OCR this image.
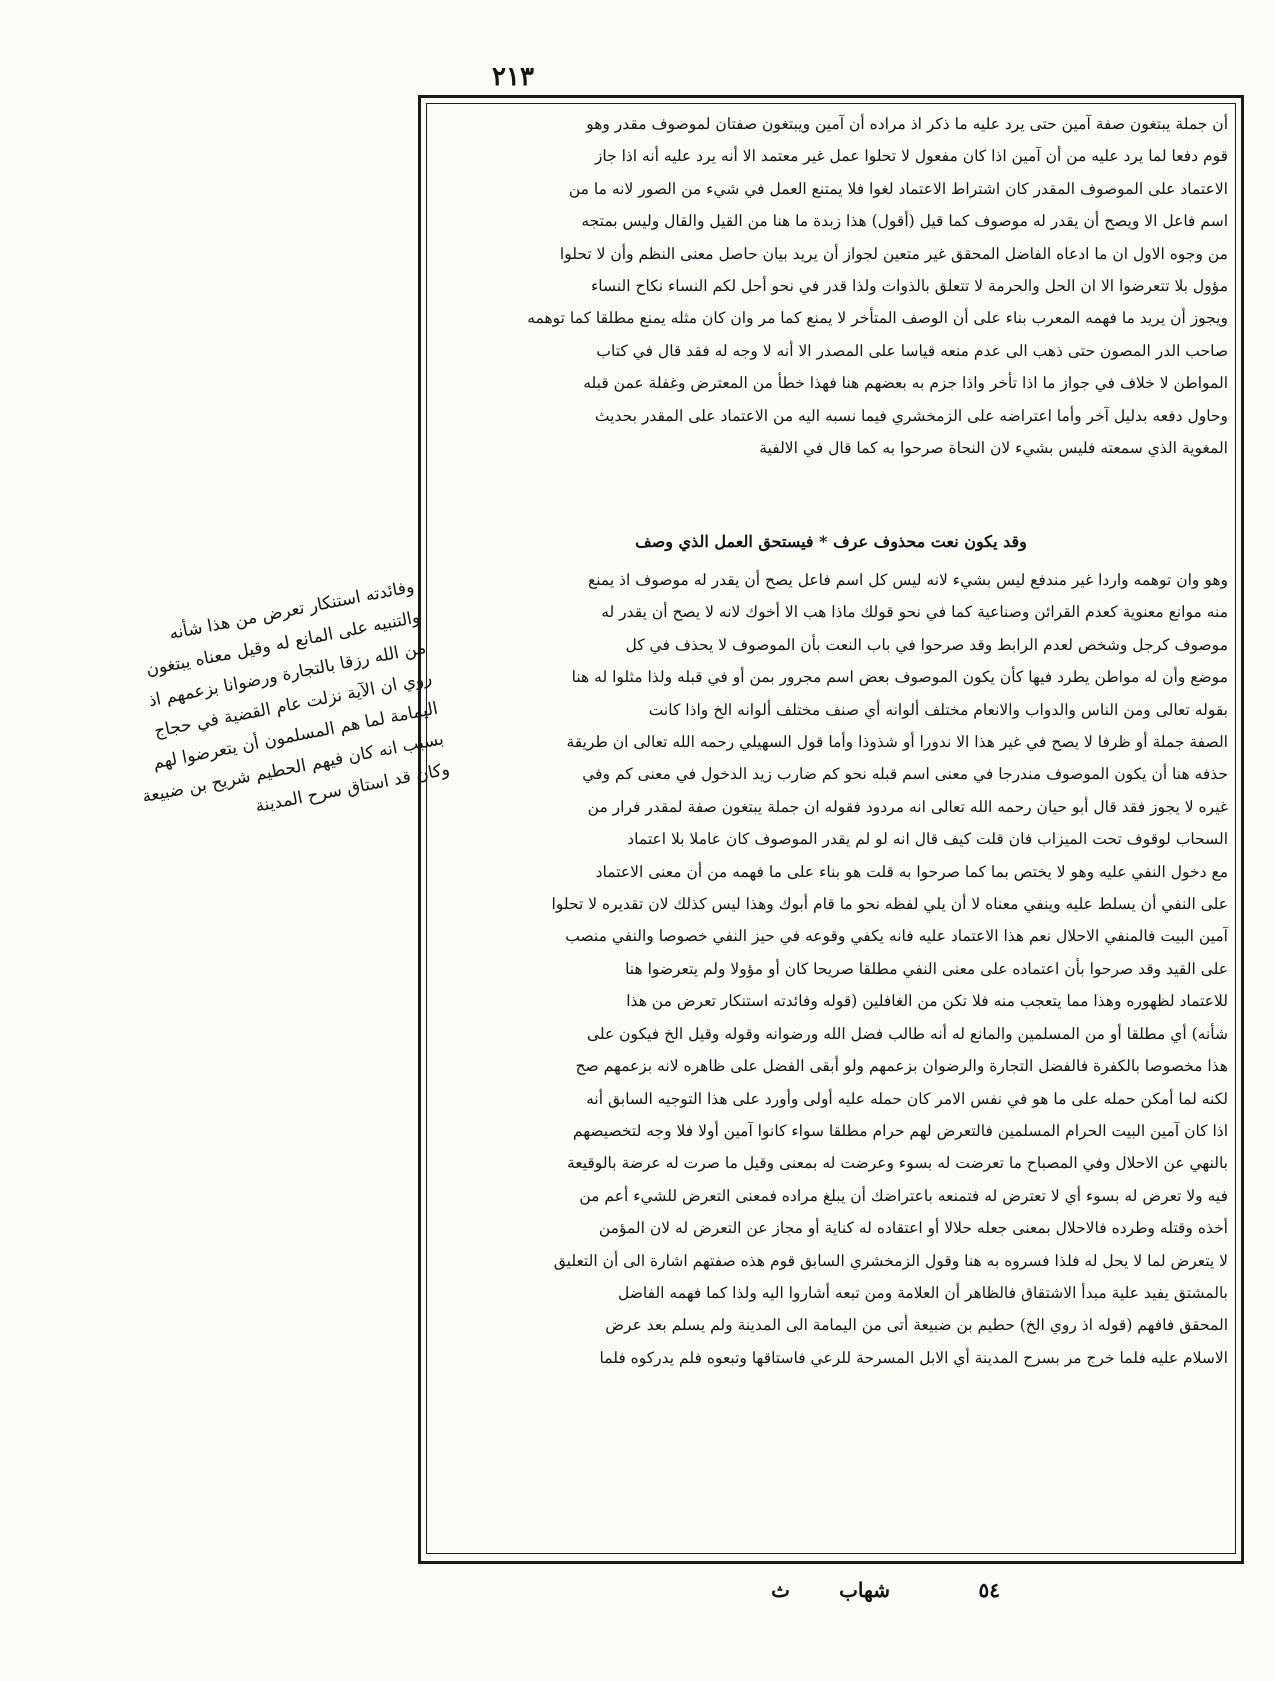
٢١٣
أن جملة يبتغون صفة آمين حتى يرد عليه ما ذكر اذ مراده أن آمين ويبتغون صفتان لموصوف مقدر وهو
قوم دفعا لما يرد عليه من أن آمين اذا كان مفعول لا تحلوا عمل غير معتمد الا أنه يرد عليه أنه اذا جاز
الاعتماد على الموصوف المقدر كان اشتراط الاعتماد لغوا فلا يمتنع العمل في شيء من الصور لانه ما من
اسم فاعل الا ويصح أن يقدر له موصوف كما قيل (أقول) هذا زبدة ما هنا من القيل والقال وليس بمتجه
من وجوه الاول ان ما ادعاه الفاضل المحقق غير متعين لجواز أن يريد بيان حاصل معنى النظم وأن لا تحلوا
مؤول بلا تتعرضوا الا ان الحل والحرمة لا تتعلق بالذوات ولذا قدر في نحو أحل لكم النساء نكاح النساء
ويجوز أن يريد ما فهمه المعرب بناء على أن الوصف المتأخر لا يمنع كما مر وان كان مثله يمنع مطلقا كما توهمه
صاحب الدر المصون حتى ذهب الى عدم منعه قياسا على المصدر الا أنه لا وجه له فقد قال في كتاب
المواطن لا خلاف في جواز ما اذا تأخر واذا جزم به بعضهم هنا فهذا خطأ من المعترض وغفلة عمن قبله
وحاول دفعه بدليل آخر وأما اعتراضه على الزمخشري فيما نسبه اليه من الاعتماد على المقدر بحديث
المغوية الذي سمعته فليس بشيء لان النحاة صرحوا به كما قال في الالفية
وقد يكون نعت محذوف عرف * فيستحق العمل الذي وصف
وهو وان توهمه واردا غير مندفع ليس بشيء لانه ليس كل اسم فاعل يصح أن يقدر له موصوف اذ يمنع
منه موانع معنوية كعدم القرائن وصناعية كما في نحو قولك ماذا هب الا أخوك لانه لا يصح أن يقدر له
موصوف كرجل وشخص لعدم الرابط وقد صرحوا في باب النعت بأن الموصوف لا يحذف في كل
موضع وأن له مواطن يطرد فيها كأن يكون الموصوف بعض اسم مجرور بمن أو في قبله ولذا مثلوا له هنا
بقوله تعالى ومن الناس والدواب والانعام مختلف ألوانه أي صنف مختلف ألوانه الخ واذا كانت
الصفة جملة أو ظرفا لا يصح في غير هذا الا ندورا أو شذوذا وأما قول السهيلي رحمه الله تعالى ان طريقة
حذفه هنا أن يكون الموصوف مندرجا في معنى اسم قبله نحو كم ضارب زيد الدخول في معنى كم وفي
غيره لا يجوز فقد قال أبو حيان رحمه الله تعالى انه مردود فقوله ان جملة يبتغون صفة لمقدر فرار من
السحاب لوقوف تحت الميزاب فان قلت كيف قال انه لو لم يقدر الموصوف كان عاملا بلا اعتماد
مع دخول النفي عليه وهو لا يختص بما كما صرحوا به قلت هو بناء على ما فهمه من أن معنى الاعتماد
على النفي أن يسلط عليه وينفي معناه لا أن يلي لفظه نحو ما قام أبوك وهذا ليس كذلك لان تقديره لا تحلوا
آمين البيت فالمنفي الاحلال نعم هذا الاعتماد عليه فانه يكفي وقوعه في حيز النفي خصوصا والنفي منصب
على القيد وقد صرحوا بأن اعتماده على معنى النفي مطلقا صريحا كان أو مؤولا ولم يتعرضوا هنا
للاعتماد لظهوره وهذا مما يتعجب منه فلا تكن من الغافلين (قوله وفائدته استنكار تعرض من هذا
شأنه) أي مطلقا أو من المسلمين والمانع له أنه طالب فضل الله ورضوانه وقوله وقيل الخ فيكون على
هذا مخصوصا بالكفرة فالفضل التجارة والرضوان بزعمهم ولو أبقى الفضل على ظاهره لانه بزعمهم صح
لكنه لما أمكن حمله على ما هو في نفس الامر كان حمله عليه أولى وأورد على هذا التوجيه السابق أنه
اذا كان آمين البيت الحرام المسلمين فالتعرض لهم حرام مطلقا سواء كانوا آمين أولا فلا وجه لتخصيصهم
بالنهي عن الاحلال وفي المصباح ما تعرضت له بسوء وعرضت له بمعنى وقيل ما صرت له عرضة بالوقيعة
فيه ولا تعرض له بسوء أي لا تعترض له فتمنعه باعتراضك أن يبلغ مراده فمعنى التعرض للشيء أعم من
أخذه وقتله وطرده فالاحلال بمعنى جعله حلالا أو اعتقاده له كناية أو مجاز عن التعرض له لان المؤمن
لا يتعرض لما لا يحل له فلذا فسروه به هنا وقول الزمخشري السابق قوم هذه صفتهم اشارة الى أن التعليق
بالمشتق يفيد علية مبدأ الاشتقاق فالظاهر أن العلامة ومن تبعه أشاروا اليه ولذا كما فهمه الفاضل
المحقق فافهم (قوله اذ روي الخ) حطيم بن ضبيعة أتى من اليمامة الى المدينة ولم يسلم بعد عرض
الاسلام عليه فلما خرج مر بسرح المدينة أي الابل المسرحة للرعي فاستاقها وتبعوه فلم يدركوه فلما
وفائدته استنكار تعرض من هذا شأنه
والتنبيه على المانع له وقيل معناه يبتغون
من الله رزقا بالتجارة ورضوانا بزعمهم اذ
روي ان الآية نزلت عام القضية في حجاج
اليمامة لما هم المسلمون أن يتعرضوا لهم
بسبب انه كان فيهم الحطيم شريح بن ضبيعة
وكان قد استاق سرح المدينة
٥٤
شهاب
ث
